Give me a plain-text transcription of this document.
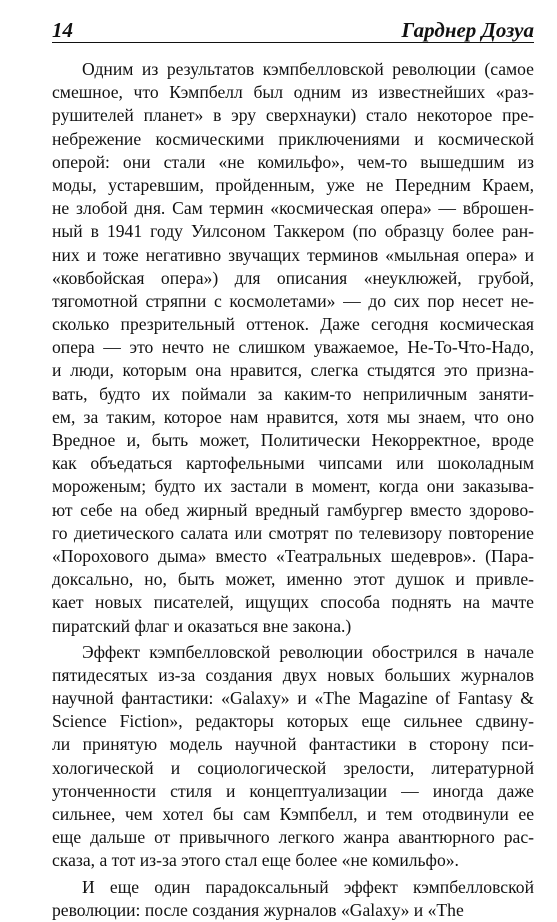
14	Гарднер Дозуа
Одним из результатов кэмпбелловской революции (самое
смешное, что Кэмпбелл был одним из известнейших «раз-
рушителей планет» в эру сверхнауки) стало некоторое пре-
небрежение космическими приключениями и космической
оперой: они стали «не комильфо», чем-то вышедшим из
моды, устаревшим, пройденным, уже не Передним Краем,
не злобой дня. Сам термин «космическая опера» — вброшен-
ный в 1941 году Уилсоном Таккером (по образцу более ран-
них и тоже негативно звучащих терминов «мыльная опера» и
«ковбойская опера») для описания «неуклюжей, грубой,
тягомотной стряпни с космолетами» — до сих пор несет не-
сколько презрительный оттенок. Даже сегодня космическая
опера — это нечто не слишком уважаемое, Не-То-Что-Надо,
и люди, которым она нравится, слегка стыдятся это призна-
вать, будто их поймали за каким-то неприличным заняти-
ем, за таким, которое нам нравится, хотя мы знаем, что оно
Вредное и, быть может, Политически Некорректное, вроде
как объедаться картофельными чипсами или шоколадным
мороженым; будто их застали в момент, когда они заказыва-
ют себе на обед жирный вредный гамбургер вместо здорово-
го диетического салата или смотрят по телевизору повторение
«Порохового дыма» вместо «Театральных шедевров». (Пара-
доксально, но, быть может, именно этот душок и привле-
кает новых писателей, ищущих способа поднять на мачте
пиратский флаг и оказаться вне закона.)
Эффект кэмпбелловской революции обострился в начале
пятидесятых из-за создания двух новых больших журналов
научной фантастики: «Galaxy» и «The Magazine of Fantasy &
Science Fiction», редакторы которых еще сильнее сдвину-
ли принятую модель научной фантастики в сторону пси-
хологической и социологической зрелости, литературной
утонченности стиля и концептуализации — иногда даже
сильнее, чем хотел бы сам Кэмпбелл, и тем отодвинули ее
еще дальше от привычного легкого жанра авантюрного рас-
сказа, а тот из-за этого стал еще более «не комильфо».
И еще один парадоксальный эффект кэмпбелловской
революции: после создания журналов «Galaxy» и «The
